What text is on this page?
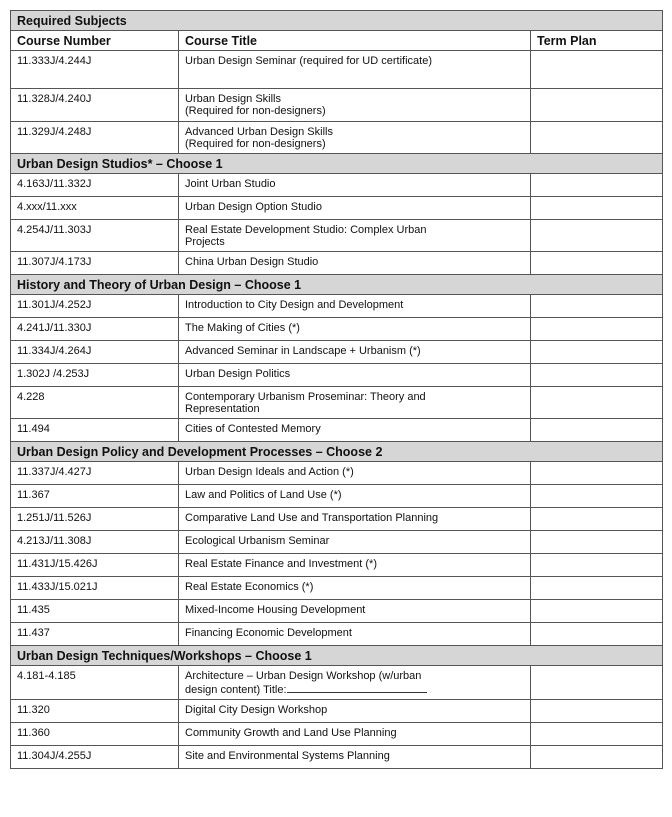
Required Subjects		
Course Number	Course Title	Term Plan
11.333J/4.244J	Urban Design Seminar (required for UD certificate)	
11.328J/4.240J	Urban Design Skills
(Required for non-designers)	
11.329J/4.248J	Advanced Urban Design Skills
(Required for non-designers)	
Urban Design Studios* – Choose 1		
4.163J/11.332J	Joint Urban Studio	
4.xxx/11.xxx	Urban Design Option Studio	
4.254J/11.303J	Real Estate Development Studio: Complex Urban
Projects	
11.307J/4.173J	China Urban Design Studio	
History and Theory of Urban Design – Choose 1		
11.301J/4.252J	Introduction to City Design and Development	
4.241J/11.330J	The Making of Cities (*)	
11.334J/4.264J	Advanced Seminar in Landscape + Urbanism (*)	
1.302J /4.253J	Urban Design Politics	
4.228	Contemporary Urbanism Proseminar: Theory and
Representation	
11.494	Cities of Contested Memory	
Urban Design Policy and Development Processes – Choose 2		
11.337J/4.427J	Urban Design Ideals and Action (*)	
11.367	Law and Politics of Land Use (*)	
1.251J/11.526J	Comparative Land Use and Transportation Planning	
4.213J/11.308J	Ecological Urbanism Seminar	
11.431J/15.426J	Real Estate Finance and Investment (*)	
11.433J/15.021J	Real Estate Economics (*)	
11.435	Mixed-Income Housing Development	
11.437	Financing Economic Development	
Urban Design Techniques/Workshops – Choose 1		
4.181-4.185	Architecture – Urban Design Workshop (w/urban
design content) Title:	
11.320	Digital City Design Workshop	
11.360	Community Growth and Land Use Planning	
11.304J/4.255J	Site and Environmental Systems Planning	
